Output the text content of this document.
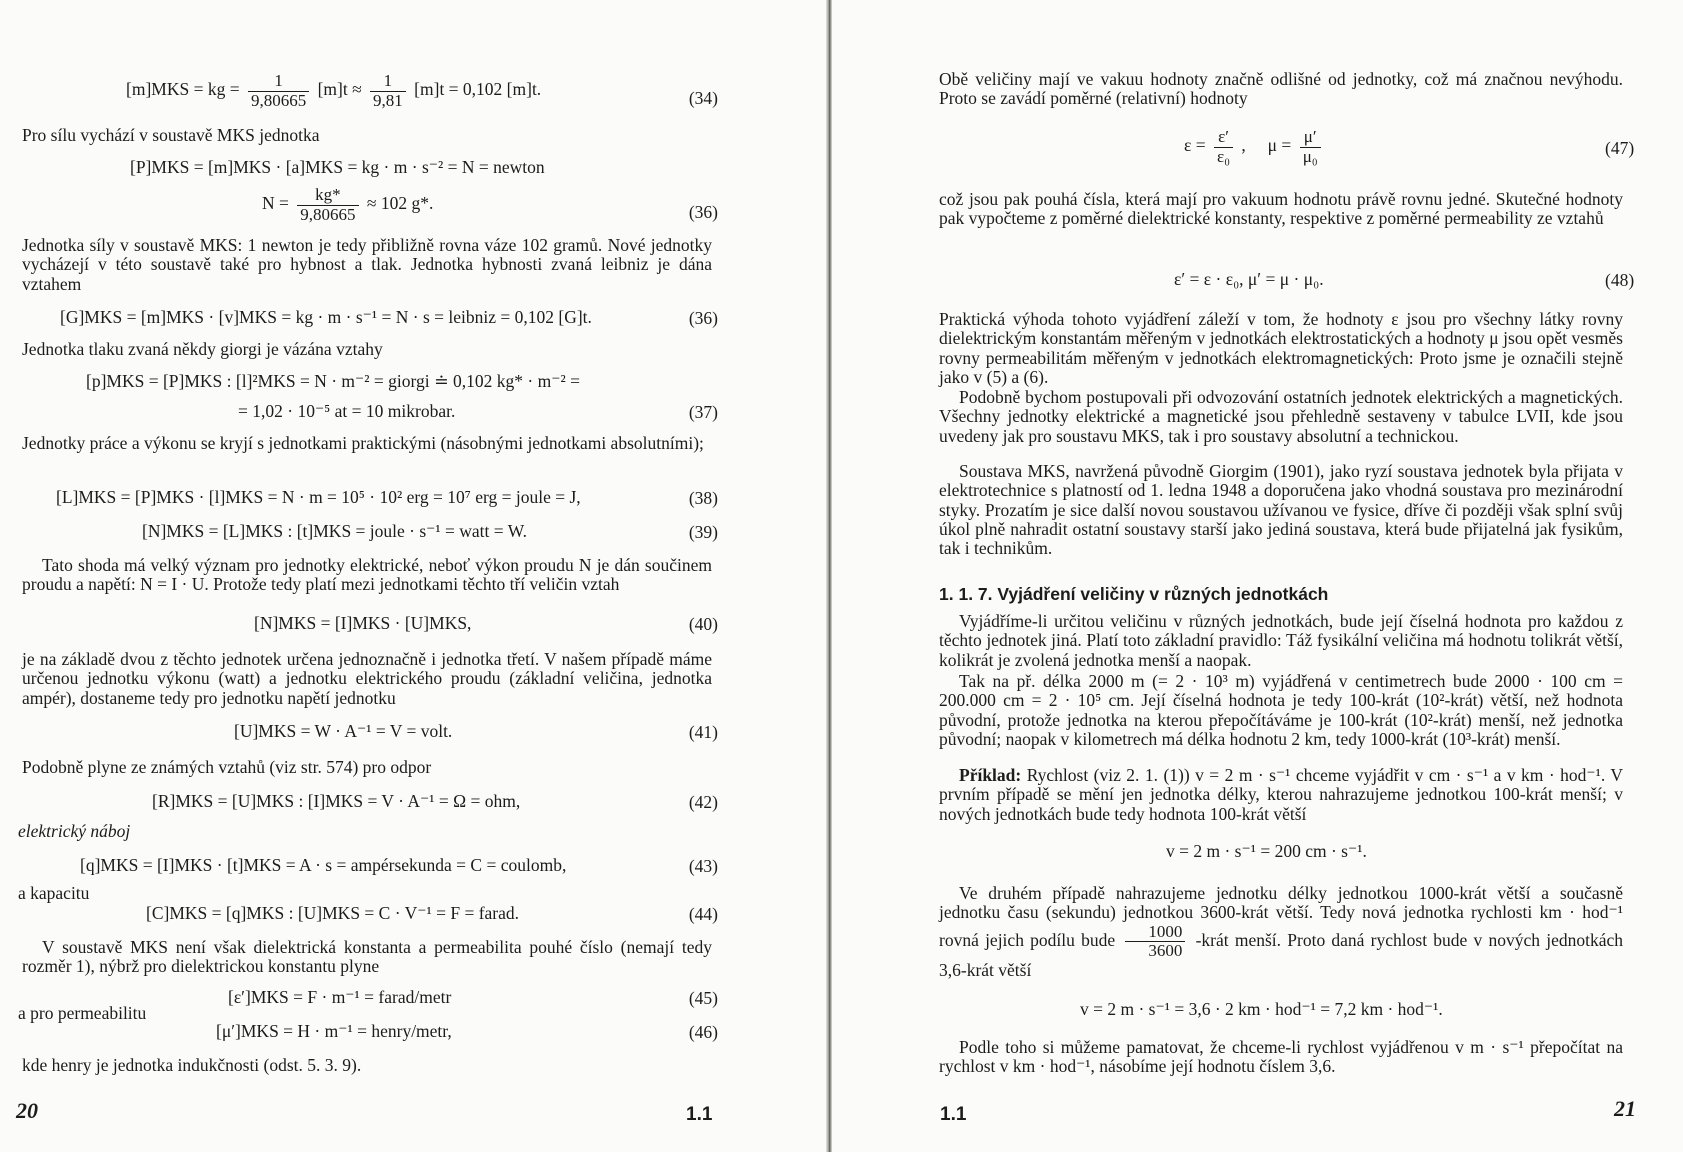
[m]MKS = kg = $\frac{1}{9,80665} [m]t \approx \frac{1}{9,81} [m]t = 0,102$ [m]t.	(34)
Pro sílu vychází v soustavě MKS jednotka
[P]MKS = [m]MKS · [a]MKS = kg · m · s⁻² = N = newton
$N = \frac{kg*}{9,80665} \approx 102$ g*.	(36)
Jednotka síly v soustavě MKS: 1 newton je tedy přibližně rovna váze 102 gramů. Nové jednotky vycházejí v této soustavě také pro hybnost a tlak. Jednotka hybnosti zvaná leibniz je dána vztahem
[G]MKS = [m]MKS · [v]MKS = kg · m · s⁻¹ = N · s = leibniz = 0,102 [G]t.	(36)
Jednotka tlaku zvaná někdy giorgi je vázána vztahy
[p]MKS = [P]MKS : [l]²MKS = N · m⁻² = giorgi ≐ 0,102 kg* · m⁻² =
= 1,02 · 10⁻⁵ at = 10 mikrobar.	(37)
Jednotky práce a výkonu se kryjí s jednotkami praktickými (násobnými jednotkami absolutními);
[L]MKS = [P]MKS · [l]MKS = N · m = 10⁵ · 10² erg = 10⁷ erg = joule = J,	(38)
[N]MKS = [L]MKS : [t]MKS = joule · s⁻¹ = watt = W.	(39)
Tato shoda má velký význam pro jednotky elektrické, neboť výkon proudu N je dán součinem proudu a napětí: N = I · U. Protože tedy platí mezi jednotkami těchto tří veličin vztah
[N]MKS = [I]MKS · [U]MKS,	(40)
je na základě dvou z těchto jednotek určena jednoznačně i jednotka třetí. V našem případě máme určenou jednotku výkonu (watt) a jednotku elektrického proudu (základní veličina, jednotka ampér), dostaneme tedy pro jednotku napětí jednotku
[U]MKS = W · A⁻¹ = V = volt.	(41)
Podobně plyne ze známých vztahů (viz str. 574) pro odpor
[R]MKS = [U]MKS : [I]MKS = V · A⁻¹ = Ω = ohm,	(42)
elektrický náboj
[q]MKS = [I]MKS · [t]MKS = A · s = ampérsekunda = C = coulomb,	(43)
a kapacitu
[C]MKS = [q]MKS : [U]MKS = C · V⁻¹ = F = farad.	(44)
V soustavě MKS není však dielektrická konstanta a permeabilita pouhé číslo (nemají tedy rozměr 1), nýbrž pro dielektrickou konstantu plyne
[ε′]MKS = F · m⁻¹ = farad/metr	(45)
a pro permeabilitu
[μ′]MKS = H · m⁻¹ = henry/metr,	(46)
kde henry je jednotka indukčnosti (odst. 5. 3. 9).
20	1.1
Obě veličiny mají ve vakuu hodnoty značně odlišné od jednotky, což má značnou nevýhodu. Proto se zavádí poměrné (relativní) hodnoty
$\varepsilon = \frac{\varepsilon'}{\text{ε₀}}$ ,     $\mu = \frac{\mu'}{\text{μ₀}}$	(47)
což jsou pak pouhá čísla, která mají pro vakuum hodnotu právě rovnu jedné. Skutečné hodnoty pak vypočteme z poměrné dielektrické konstanty, respektive z poměrné permeability ze vztahů
ε′ = ε · ε₀, μ′ = μ · μ₀.	(48)
Praktická výhoda tohoto vyjádření záleží v tom, že hodnoty ε jsou pro všechny látky rovny dielektrickým konstantám měřeným v jednotkách elektrostatických a hodnoty μ jsou opět vesměs rovny permeabilitám měřeným v jednotkách elektromagnetických: Proto jsme je označili stejně jako v (5) a (6).
Podobně bychom postupovali při odvozování ostatních jednotek elektrických a magnetických. Všechny jednotky elektrické a magnetické jsou přehledně sestaveny v tabulce LVII, kde jsou uvedeny jak pro soustavu MKS, tak i pro soustavy absolutní a technickou.
Soustava MKS, navržená původně Giorgim (1901), jako ryzí soustava jednotek byla přijata v elektrotechnice s platností od 1. ledna 1948 a doporučena jako vhodná soustava pro mezinárodní styky. Prozatím je sice další novou soustavou užívanou ve fysice, dříve či později však splní svůj úkol plně nahradit ostatní soustavy starší jako jediná soustava, která bude přijatelná jak fysikům, tak i technikům.
1. 1. 7. Vyjádření veličiny v různých jednotkách
Vyjádříme-li určitou veličinu v různých jednotkách, bude její číselná hodnota pro každou z těchto jednotek jiná. Platí toto základní pravidlo: Táž fysikální veličina má hodnotu tolikrát větší, kolikrát je zvolená jednotka menší a naopak.
Tak na př. délka 2000 m (= 2 · 10³ m) vyjádřená v centimetrech bude 2000 · 100 cm = 200.000 cm = 2 · 10⁵ cm. Její číselná hodnota je tedy 100-krát (10²-krát) větší, než hodnota původní, protože jednotka na kterou přepočítáváme je 100-krát (10²-krát) menší, než jednotka původní; naopak v kilometrech má délka hodnotu 2 km, tedy 1000-krát (10³-krát) menší.
Příklad: Rychlost (viz 2. 1. (1)) v = 2 m · s⁻¹ chceme vyjádřit v cm · s⁻¹ a v km · hod⁻¹. V prvním případě se mění jen jednotka délky, kterou nahrazujeme jednotkou 100-krát menší; v nových jednotkách bude tedy hodnota 100-krát větší
v = 2 m · s⁻¹ = 200 cm · s⁻¹.
Ve druhém případě nahrazujeme jednotku délky jednotkou 1000-krát větší a současně jednotku času (sekundu) jednotkou 3600-krát větší. Tedy nová jednotka rychlosti km · hod⁻¹ rovná jejich podílu bude $\frac{1000}{3600}$ -krát menší. Proto daná rychlost bude v nových jednotkách 3,6-krát větší
v = 2 m · s⁻¹ = 3,6 · 2 km · hod⁻¹ = 7,2 km · hod⁻¹.
Podle toho si můžeme pamatovat, že chceme-li rychlost vyjádřenou v m · s⁻¹ přepočítat na rychlost v km · hod⁻¹, násobíme její hodnotu číslem 3,6.
1.1	21
